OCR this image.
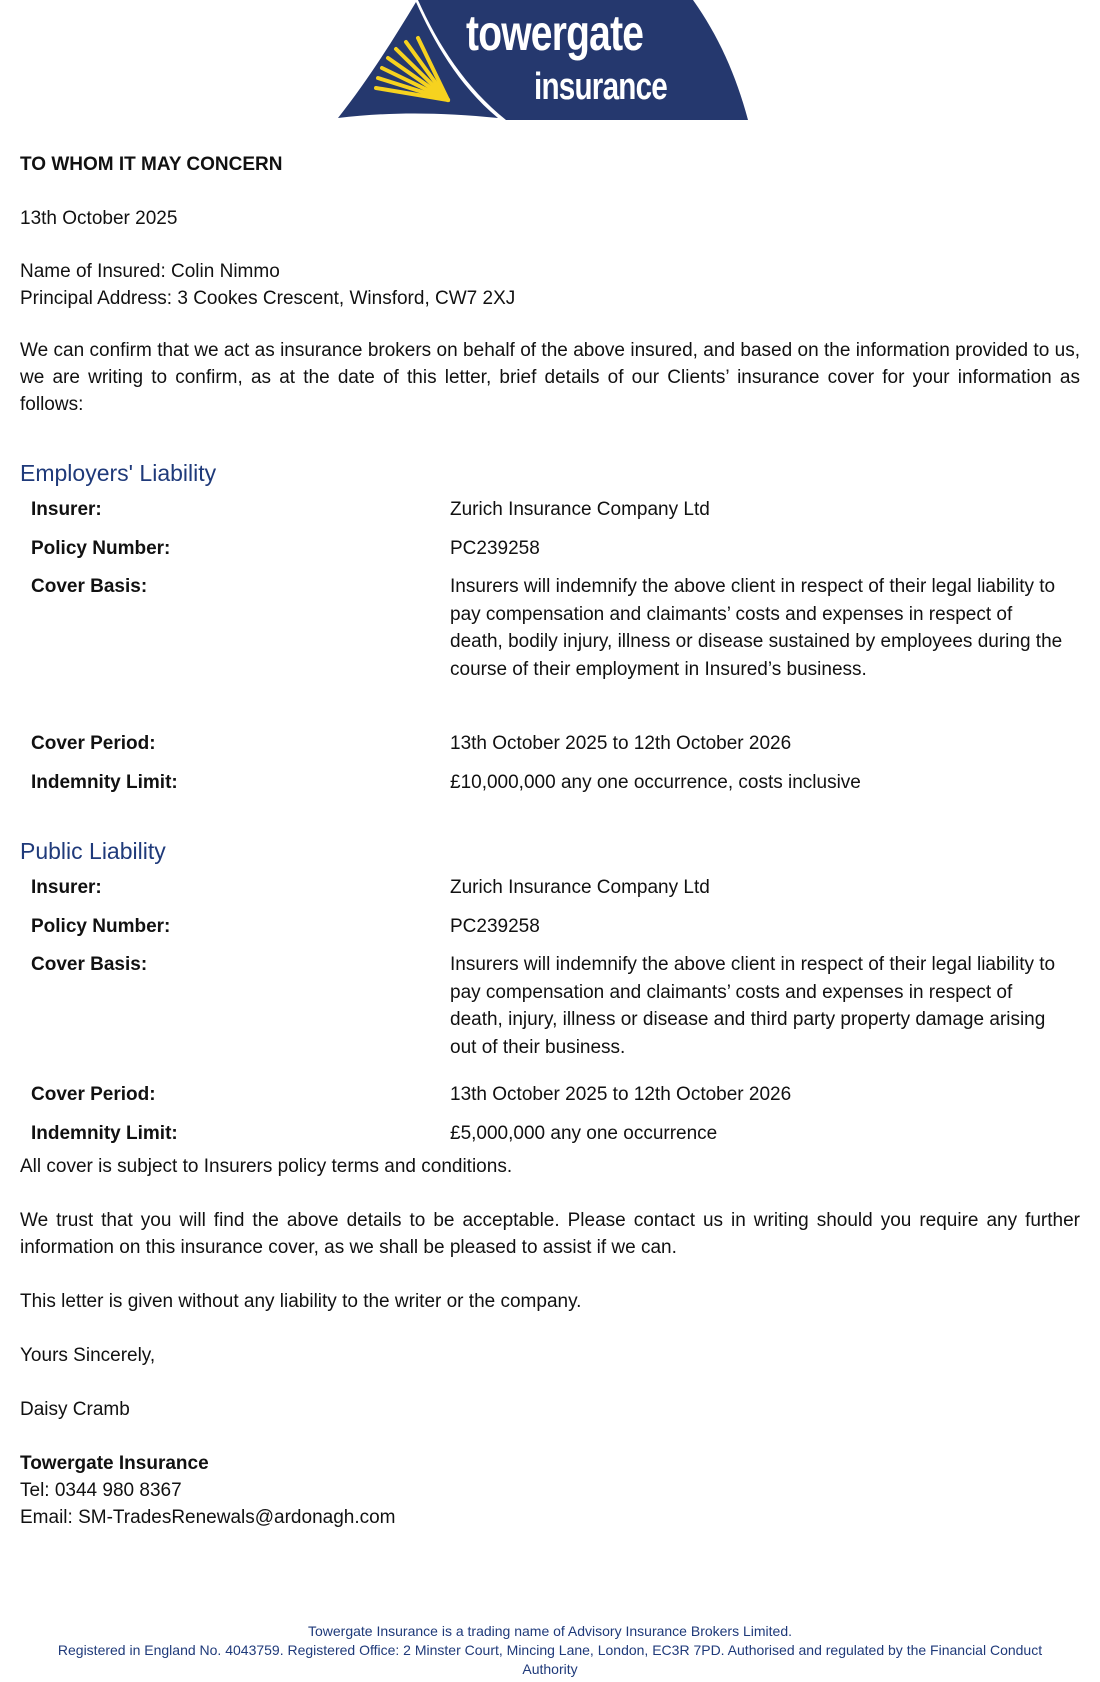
towergate
insurance
TO WHOM IT MAY CONCERN
13th October 2025
Name of Insured: Colin Nimmo
Principal Address: 3 Cookes Crescent, Winsford, CW7 2XJ
We can confirm that we act as insurance brokers on behalf of the above insured, and based on the information provided to us, we are writing to confirm, as at the date of this letter, brief details of our Clients’ insurance cover for your information as follows:
Employers' Liability
Insurer:	Zurich Insurance Company Ltd
Policy Number:	PC239258
Cover Basis:	Insurers will indemnify the above client in respect of their legal liability to pay compensation and claimants’ costs and expenses in respect of death, bodily injury, illness or disease sustained by employees during the course of their employment in Insured’s business.
Cover Period:	13th October 2025 to 12th October 2026
Indemnity Limit:	£10,000,000 any one occurrence, costs inclusive
Public Liability
Insurer:	Zurich Insurance Company Ltd
Policy Number:	PC239258
Cover Basis:	Insurers will indemnify the above client in respect of their legal liability to pay compensation and claimants’ costs and expenses in respect of death, injury, illness or disease and third party property damage arising out of their business.
Cover Period:	13th October 2025 to 12th October 2026
Indemnity Limit:	£5,000,000 any one occurrence
All cover is subject to Insurers policy terms and conditions.
We trust that you will find the above details to be acceptable. Please contact us in writing should you require any further information on this insurance cover, as we shall be pleased to assist if we can.
This letter is given without any liability to the writer or the company.
Yours Sincerely,
Daisy Cramb
Towergate Insurance
Tel: 0344 980 8367
Email: SM-TradesRenewals@ardonagh.com
Towergate Insurance is a trading name of Advisory Insurance Brokers Limited.
Registered in England No. 4043759. Registered Office: 2 Minster Court, Mincing Lane, London, EC3R 7PD. Authorised and regulated by the Financial Conduct
Authority
